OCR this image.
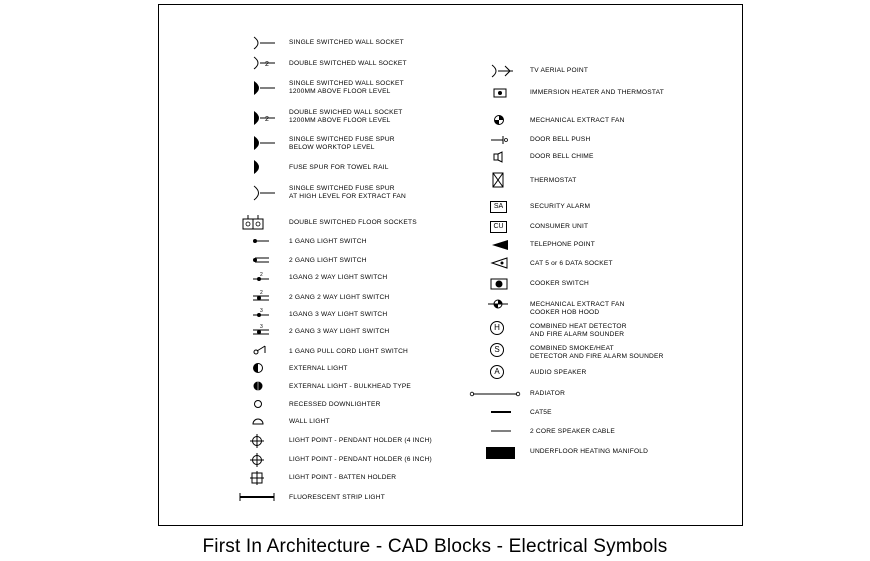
2
2
2
2
3
3
SINGLE SWITCHED WALL SOCKET
DOUBLE SWITCHED WALL SOCKET
SINGLE SWITCHED WALL SOCKET
1200MM ABOVE FLOOR LEVEL
DOUBLE SWICHED WALL SOCKET
1200MM ABOVE FLOOR LEVEL
SINGLE SWITCHED FUSE SPUR
BELOW WORKTOP LEVEL
FUSE SPUR FOR TOWEL RAIL
SINGLE SWITCHED FUSE SPUR
AT HIGH LEVEL FOR EXTRACT FAN
DOUBLE SWITCHED FLOOR SOCKETS
1 GANG LIGHT SWITCH
2 GANG LIGHT SWITCH
1GANG 2 WAY LIGHT SWITCH
2 GANG 2 WAY LIGHT SWITCH
1GANG 3 WAY LIGHT SWITCH
2 GANG 3 WAY LIGHT SWITCH
1 GANG PULL CORD LIGHT SWITCH
EXTERNAL LIGHT
EXTERNAL LIGHT - BULKHEAD TYPE
RECESSED DOWNLIGHTER
WALL LIGHT
LIGHT POINT - PENDANT HOLDER (4 INCH)
LIGHT POINT - PENDANT HOLDER (6 INCH)
LIGHT POINT - BATTEN HOLDER
FLUORESCENT STRIP LIGHT
SA
CU
H
S
A
TV AERIAL POINT
IMMERSION HEATER AND THERMOSTAT
MECHANICAL EXTRACT FAN
DOOR BELL PUSH
DOOR BELL CHIME
THERMOSTAT
SECURITY ALARM
CONSUMER UNIT
TELEPHONE POINT
CAT 5 or 6 DATA SOCKET
COOKER SWITCH
MECHANICAL EXTRACT FAN
COOKER HOB HOOD
COMBINED HEAT DETECTOR
AND FIRE ALARM SOUNDER
COMBINED SMOKE/HEAT
DETECTOR AND FIRE ALARM SOUNDER
AUDIO SPEAKER
RADIATOR
CAT5E
2 CORE SPEAKER CABLE
UNDERFLOOR HEATING MANIFOLD
First In Architecture - CAD Blocks - Electrical Symbols
